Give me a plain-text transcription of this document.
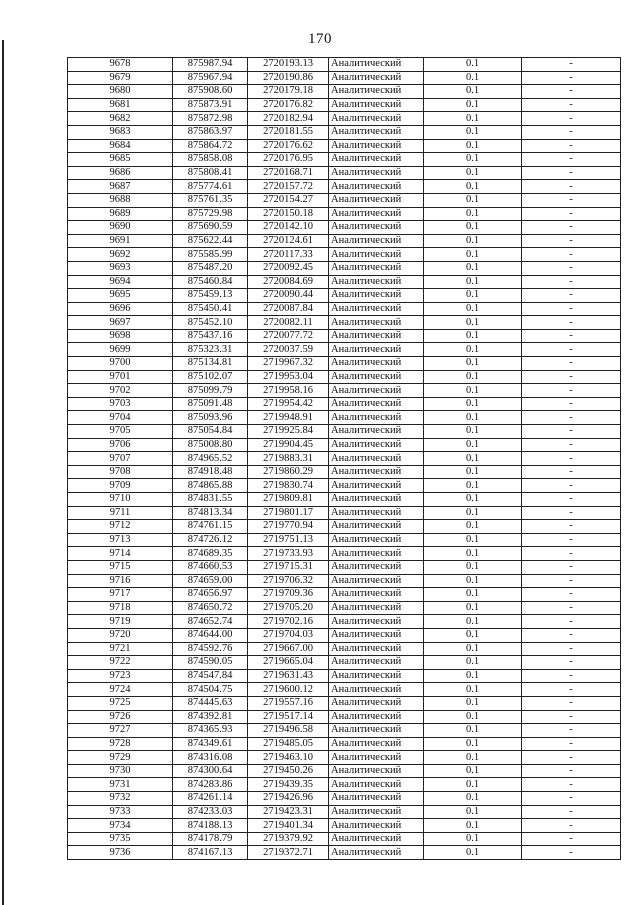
170
9678	875987.94	2720193.13	Аналитический	0.1	-
9679	875967.94	2720190.86	Аналитический	0.1	-
9680	875908.60	2720179.18	Аналитический	0.1	-
9681	875873.91	2720176.82	Аналитический	0.1	-
9682	875872.98	2720182.94	Аналитический	0.1	-
9683	875863.97	2720181.55	Аналитический	0.1	-
9684	875864.72	2720176.62	Аналитический	0.1	-
9685	875858.08	2720176.95	Аналитический	0.1	-
9686	875808.41	2720168.71	Аналитический	0.1	-
9687	875774.61	2720157.72	Аналитический	0.1	-
9688	875761.35	2720154.27	Аналитический	0.1	-
9689	875729.98	2720150.18	Аналитический	0.1	-
9690	875690.59	2720142.10	Аналитический	0.1	-
9691	875622.44	2720124.61	Аналитический	0.1	-
9692	875585.99	2720117.33	Аналитический	0.1	-
9693	875487.20	2720092.45	Аналитический	0.1	-
9694	875460.84	2720084.69	Аналитический	0.1	-
9695	875459.13	2720090.44	Аналитический	0.1	-
9696	875450.41	2720087.84	Аналитический	0.1	-
9697	875452.10	2720082.11	Аналитический	0.1	-
9698	875437.16	2720077.72	Аналитический	0.1	-
9699	875323.31	2720037.59	Аналитический	0.1	-
9700	875134.81	2719967.32	Аналитический	0.1	-
9701	875102.07	2719953.04	Аналитический	0.1	-
9702	875099.79	2719958.16	Аналитический	0.1	-
9703	875091.48	2719954.42	Аналитический	0.1	-
9704	875093.96	2719948.91	Аналитический	0.1	-
9705	875054.84	2719925.84	Аналитический	0.1	-
9706	875008.80	2719904.45	Аналитический	0.1	-
9707	874965.52	2719883.31	Аналитический	0.1	-
9708	874918.48	2719860.29	Аналитический	0.1	-
9709	874865.88	2719830.74	Аналитический	0.1	-
9710	874831.55	2719809.81	Аналитический	0.1	-
9711	874813.34	2719801.17	Аналитический	0.1	-
9712	874761.15	2719770.94	Аналитический	0.1	-
9713	874726.12	2719751.13	Аналитический	0.1	-
9714	874689.35	2719733.93	Аналитический	0.1	-
9715	874660.53	2719715.31	Аналитический	0.1	-
9716	874659.00	2719706.32	Аналитический	0.1	-
9717	874656.97	2719709.36	Аналитический	0.1	-
9718	874650.72	2719705.20	Аналитический	0.1	-
9719	874652.74	2719702.16	Аналитический	0.1	-
9720	874644.00	2719704.03	Аналитический	0.1	-
9721	874592.76	2719667.00	Аналитический	0.1	-
9722	874590.05	2719665.04	Аналитический	0.1	-
9723	874547.84	2719631.43	Аналитический	0.1	-
9724	874504.75	2719600.12	Аналитический	0.1	-
9725	874445.63	2719557.16	Аналитический	0.1	-
9726	874392.81	2719517.14	Аналитический	0.1	-
9727	874365.93	2719496.58	Аналитический	0.1	-
9728	874349.61	2719485.05	Аналитический	0.1	-
9729	874316.08	2719463.10	Аналитический	0.1	-
9730	874300.64	2719450.26	Аналитический	0.1	-
9731	874283.86	2719439.35	Аналитический	0.1	-
9732	874261.14	2719426.96	Аналитический	0.1	-
9733	874233.03	2719423.31	Аналитический	0.1	-
9734	874188.13	2719401.34	Аналитический	0.1	-
9735	874178.79	2719379.92	Аналитический	0.1	-
9736	874167.13	2719372.71	Аналитический	0.1	-
